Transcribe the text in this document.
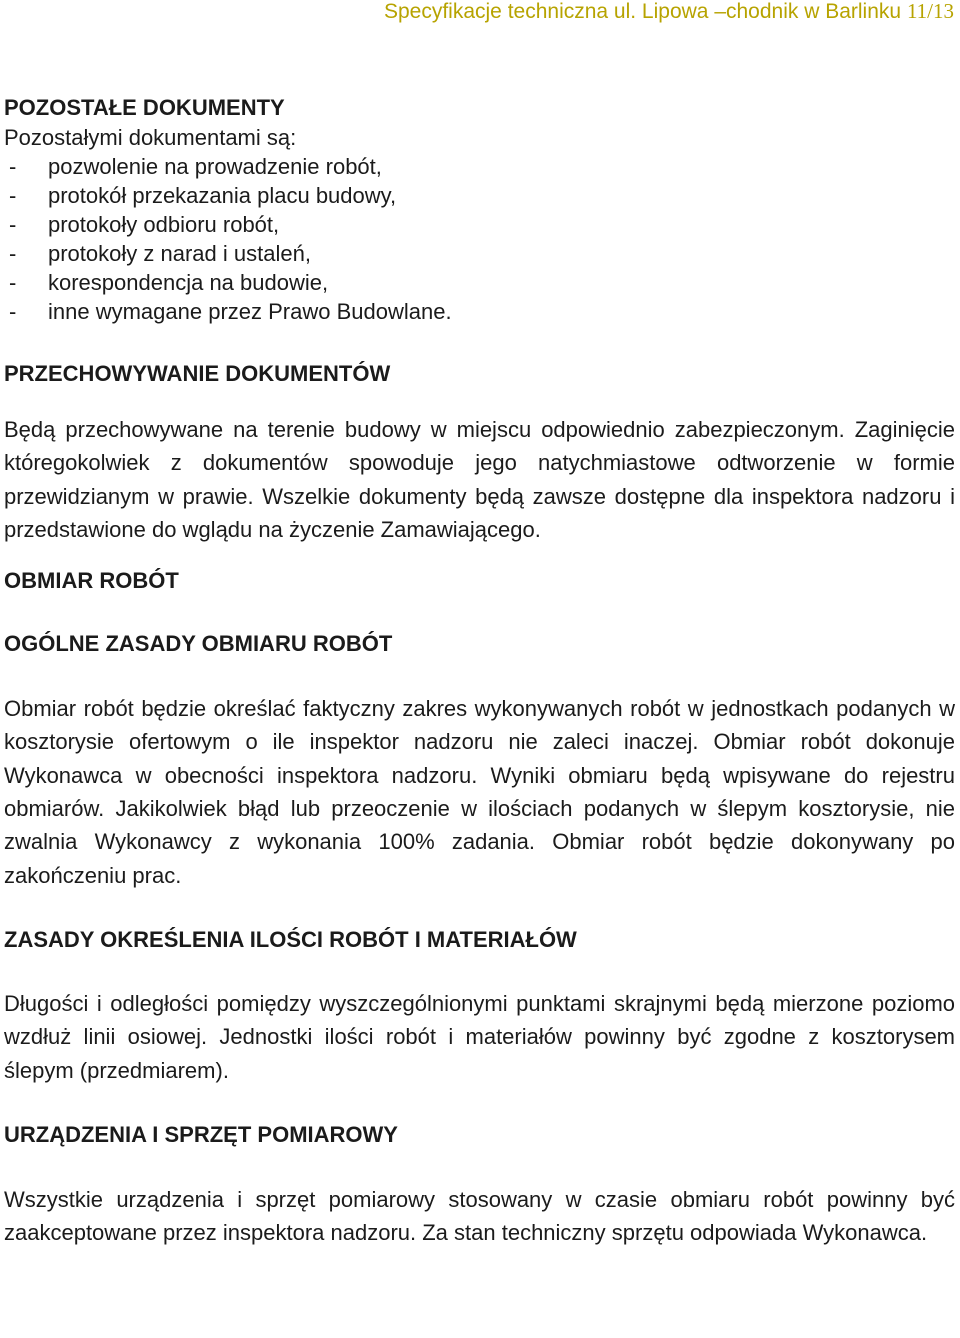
Specyfikacje techniczna ul. Lipowa –chodnik w Barlinku 11/13
POZOSTAŁE DOKUMENTY
Pozostałymi dokumentami są:
-	pozwolenie na prowadzenie robót,
-	protokół przekazania placu budowy,
-	protokoły odbioru robót,
-	protokoły z narad i ustaleń,
-	korespondencja na budowie,
-	inne wymagane przez Prawo Budowlane.
PRZECHOWYWANIE DOKUMENTÓW
Będą przechowywane na terenie budowy w miejscu odpowiednio zabezpieczonym. Zaginięcie któregokolwiek z dokumentów spowoduje jego natychmiastowe odtworzenie w formie przewidzianym w prawie. Wszelkie dokumenty będą zawsze dostępne dla inspektora nadzoru i przedstawione do wglądu na życzenie Zamawiającego.
OBMIAR ROBÓT
OGÓLNE ZASADY OBMIARU ROBÓT
Obmiar robót będzie określać faktyczny zakres wykonywanych robót w jednostkach podanych w kosztorysie ofertowym o ile inspektor nadzoru nie zaleci inaczej. Obmiar robót dokonuje Wykonawca w obecności inspektora nadzoru. Wyniki obmiaru będą wpisywane do rejestru obmiarów. Jakikolwiek błąd lub przeoczenie w ilościach podanych w ślepym kosztorysie, nie zwalnia Wykonawcy z wykonania 100% zadania. Obmiar robót będzie dokonywany po zakończeniu prac.
ZASADY OKREŚLENIA ILOŚCI ROBÓT I MATERIAŁÓW
Długości i odległości pomiędzy wyszczególnionymi punktami skrajnymi będą mierzone poziomo wzdłuż linii osiowej. Jednostki ilości robót i materiałów powinny być zgodne z kosztorysem ślepym (przedmiarem).
URZĄDZENIA I SPRZĘT POMIAROWY
Wszystkie urządzenia i sprzęt pomiarowy stosowany w czasie obmiaru robót powinny być zaakceptowane przez inspektora nadzoru. Za stan techniczny sprzętu odpowiada Wykonawca.
